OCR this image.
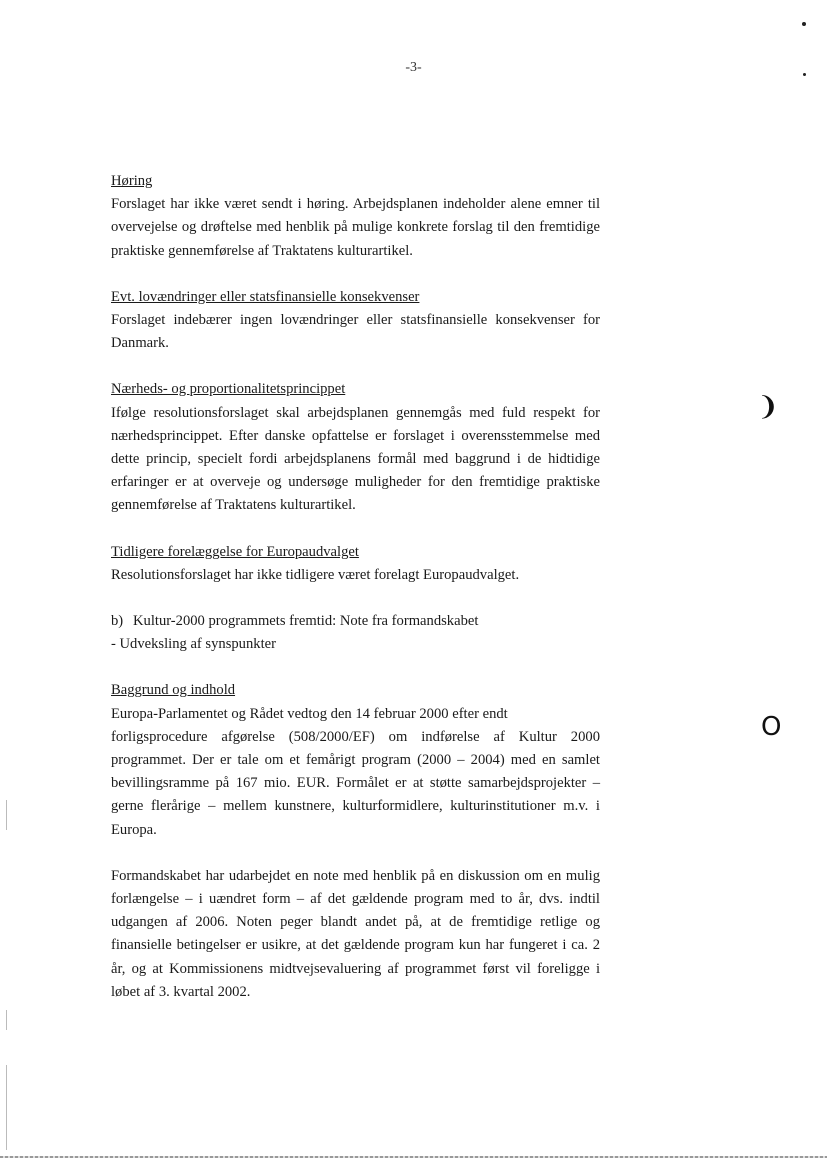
-3-
Høring

Forslaget har ikke været sendt i høring. Arbejdsplanen indeholder alene emner til overvejelse og drøftelse med henblik på mulige konkrete forslag til den fremtidige praktiske gennemførelse af Traktatens kulturartikel.

Evt. lovændringer eller statsfinansielle konsekvenser

Forslaget indebærer ingen lovændringer eller statsfinansielle konsekvenser for Danmark.

Nærheds- og proportionalitetsprincippet

Ifølge resolutionsforslaget skal arbejdsplanen gennemgås med fuld respekt for nærhedsprincippet. Efter danske opfattelse er forslaget i overensstemmelse med dette princip, specielt fordi arbejdsplanens formål med baggrund i de hidtidige erfaringer er at overveje og undersøge muligheder for den fremtidige praktiske gennemførelse af Traktatens kulturartikel.

Tidligere forelæggelse for Europaudvalget

Resolutionsforslaget har ikke tidligere været forelagt Europaudvalget.

b) Kultur-2000 programmets fremtid: Note fra formandskabet

- Udveksling af synspunkter

Baggrund og indhold

Europa-Parlamentet og Rådet vedtog den 14 februar 2000 efter endt

forligsprocedure afgørelse (508/2000/EF) om indførelse af Kultur 2000 programmet. Der er tale om et femårigt program (2000 – 2004) med en samlet bevillingsramme på 167 mio. EUR. Formålet er at støtte samarbejdsprojekter – gerne flerårige – mellem kunstnere, kulturformidlere, kulturinstitutioner m.v. i Europa.

Formandskabet har udarbejdet en note med henblik på en diskussion om en mulig forlængelse – i uændret form – af det gældende program med to år, dvs. indtil udgangen af 2006. Noten peger blandt andet på, at de fremtidige retlige og finansielle betingelser er usikre, at det gældende program kun har fungeret i ca. 2 år, og at Kommissionens midtvejsevaluering af programmet først vil foreligge i løbet af 3. kvartal 2002.

❩
O
